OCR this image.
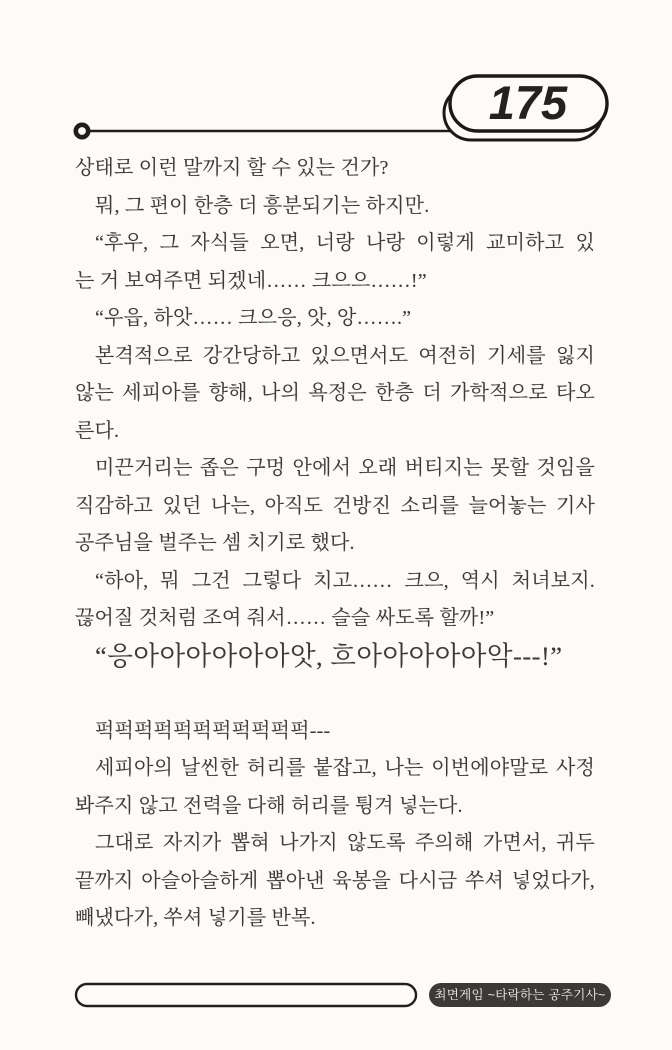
175

상태로 이런 말까지 할 수 있는 건가?

뭐, 그 편이 한층 더 흥분되기는 하지만.

“후우, 그 자식들 오면, 너랑 나랑 이렇게 교미하고 있

는 거 보여주면 되겠네…… 크으으……!”

“우읍, 하앗…… 크으응, 앗, 앙…….”

본격적으로 강간당하고 있으면서도 여전히 기세를 잃지

않는 세피아를 향해, 나의 욕정은 한층 더 가학적으로 타오

른다.

미끈거리는 좁은 구멍 안에서 오래 버티지는 못할 것임을

직감하고 있던 나는, 아직도 건방진 소리를 늘어놓는 기사

공주님을 벌주는 셈 치기로 했다.

“하아, 뭐 그건 그렇다 치고…… 크으, 역시 처녀보지.

끊어질 것처럼 조여 줘서…… 슬슬 싸도록 할까!”

“응아아아아아아앗, 흐아아아아아악---!”

퍽퍽퍽퍽퍽퍽퍽퍽퍽퍽퍽---

세피아의 날씬한 허리를 붙잡고, 나는 이번에야말로 사정

봐주지 않고 전력을 다해 허리를 튕겨 넣는다.

그대로 자지가 뽑혀 나가지 않도록 주의해 가면서, 귀두

끝까지 아슬아슬하게 뽑아낸 육봉을 다시금 쑤셔 넣었다가,

빼냈다가, 쑤셔 넣기를 반복.

최면게임 ~타락하는 공주기사~
